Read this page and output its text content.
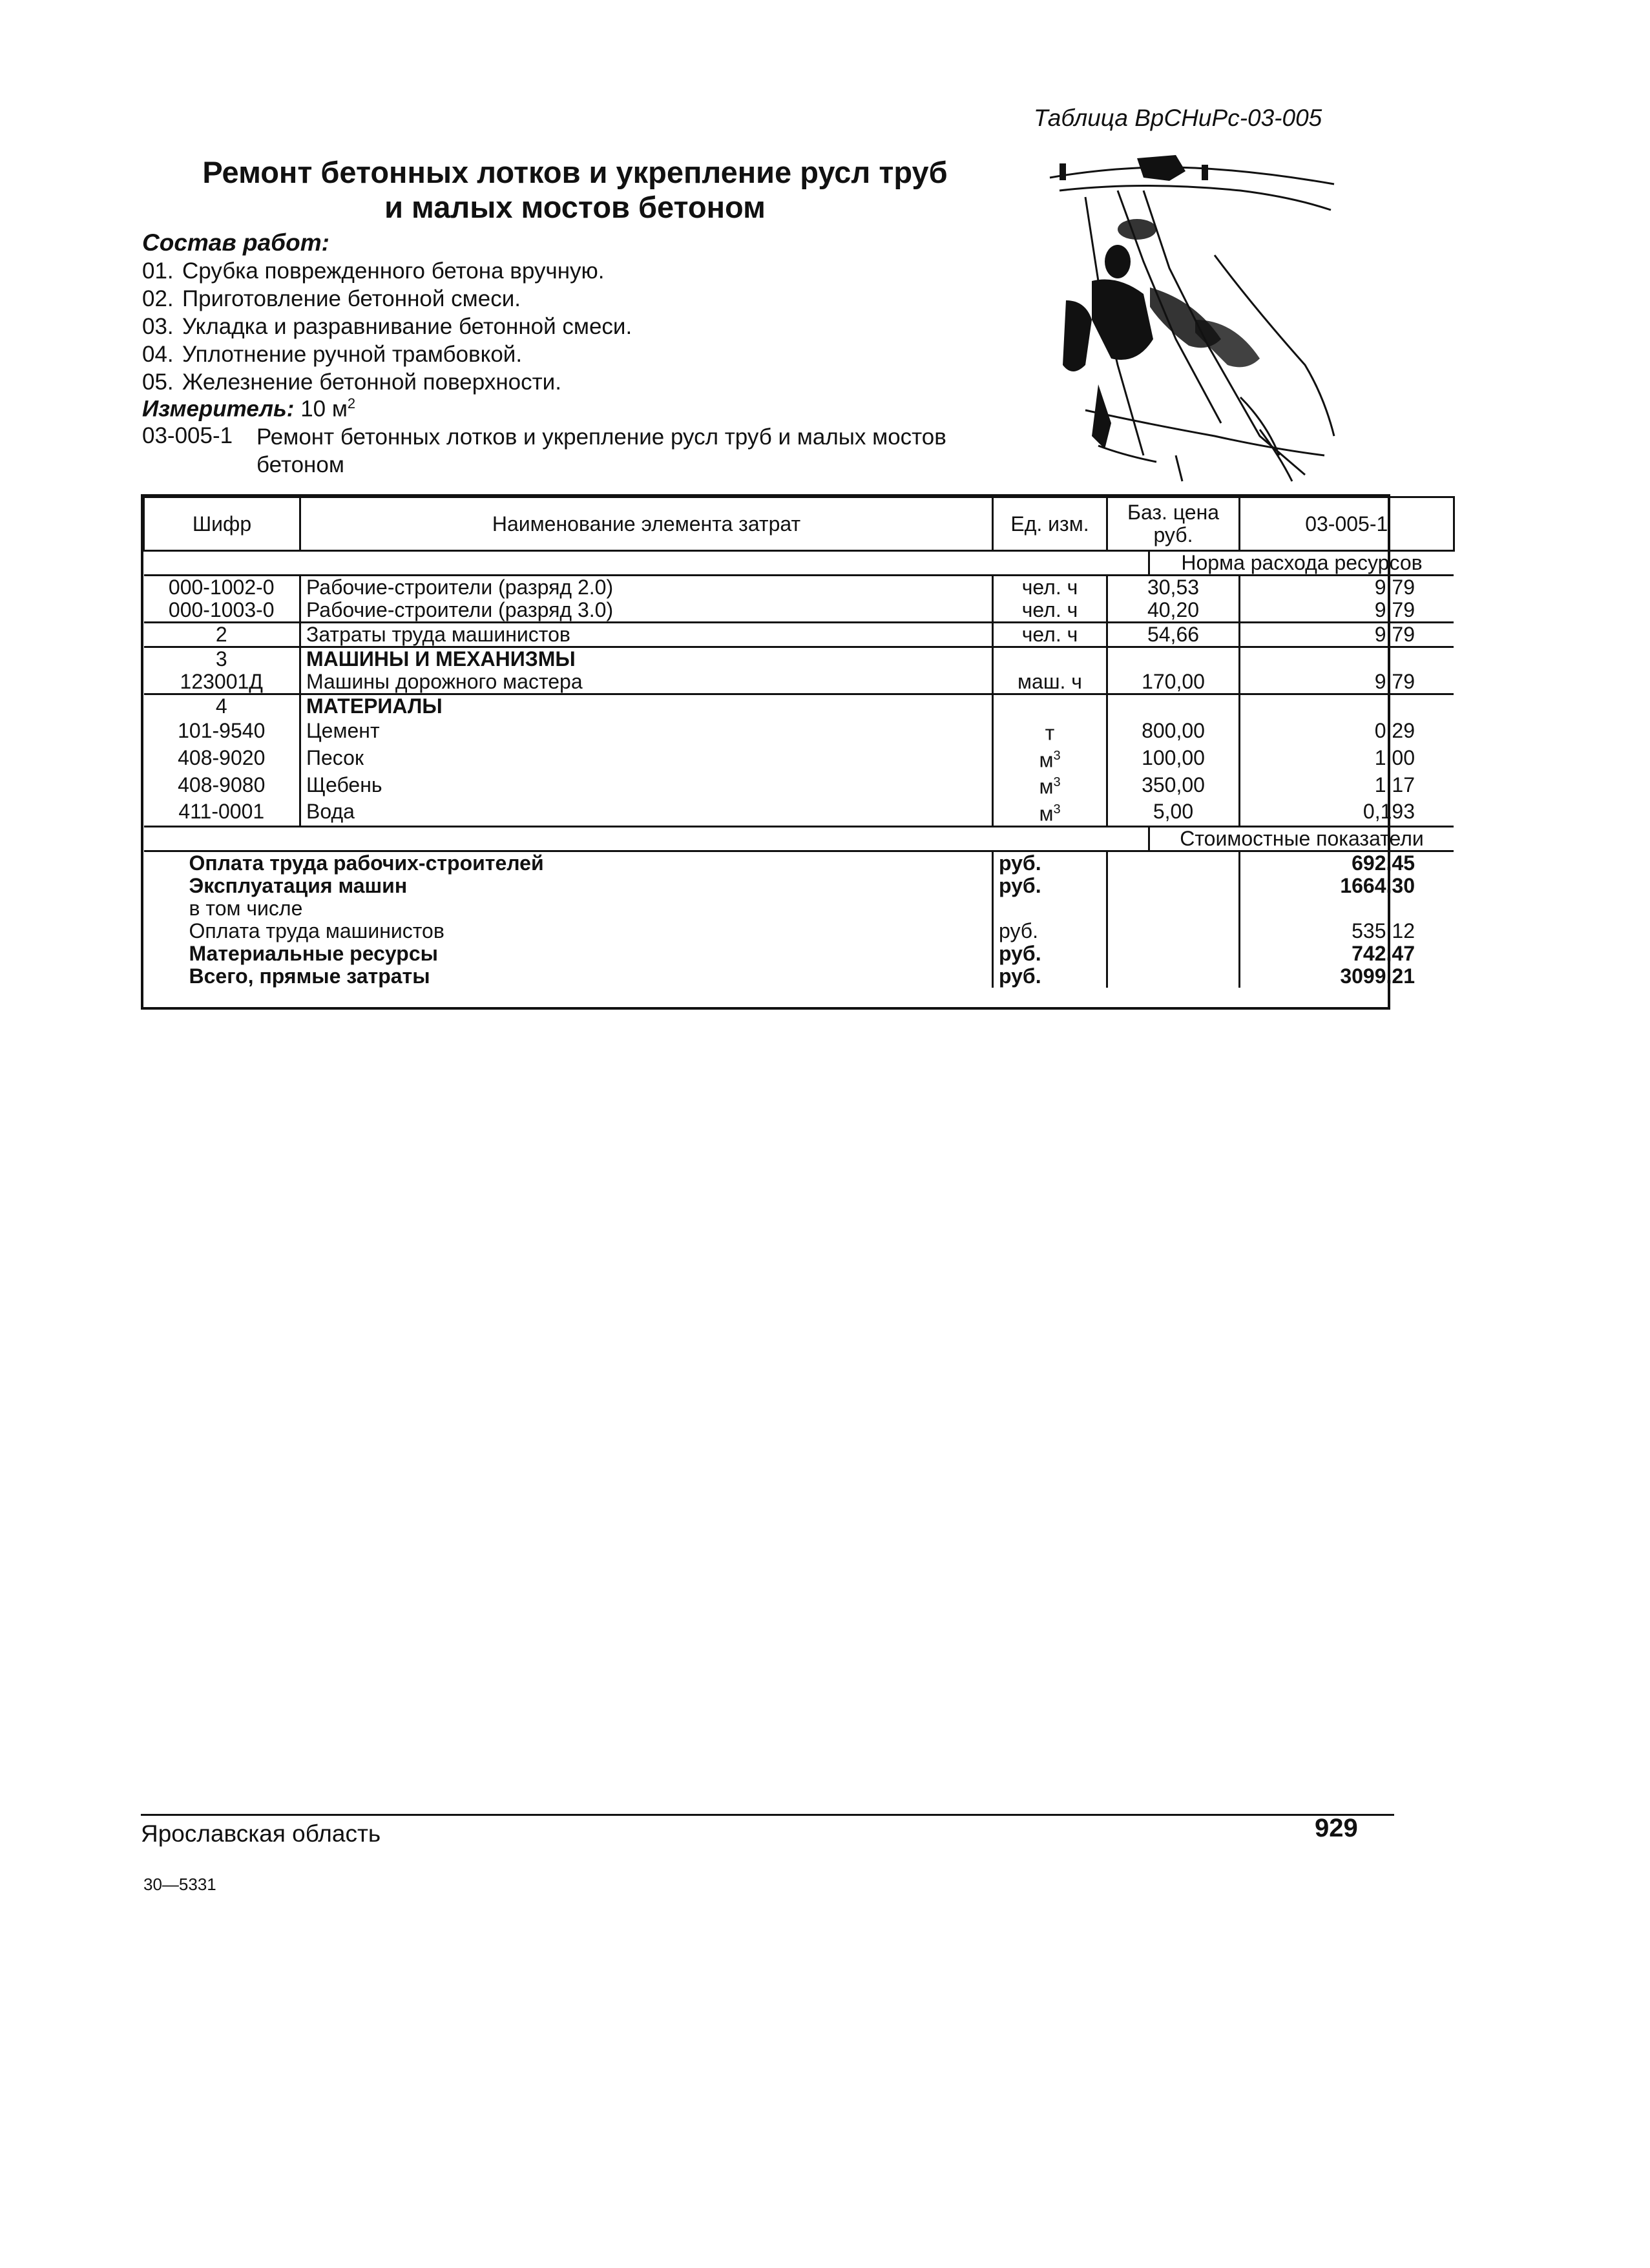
Таблица ВрСНиРс-03-005
Ремонт бетонных лотков и укрепление русл труб
и малых мостов бетоном
Состав работ:
01. Срубка поврежденного бетона вручную.
02. Приготовление бетонной смеси.
03. Укладка и разравнивание бетонной смеси.
04. Уплотнение ручной трамбовкой.
05. Железнение бетонной поверхности.
Измеритель: 10 $м^2$
03-005-1 Ремонт бетонных лотков и укрепление русл труб и малых мостов бетоном
Шифр	Наименование элемента затрат	Ед. изм.	Баз. цена руб.	03-005-1
Норма расхода ресурсов				
000-1002-0	Рабочие-строители (разряд 2.0)	чел. ч	30,53	9,79
000-1003-0	Рабочие-строители (разряд 3.0)	чел. ч	40,20	9,79
2	Затраты труда машинистов	чел. ч	54,66	9,79
3	МАШИНЫ И МЕХАНИЗМЫ			
123001Д	Машины дорожного мастера	маш. ч	170,00	9,79
4	МАТЕРИАЛЫ			
101-9540	Цемент	т	800,00	0,29
408-9020	Песок	$м^3$	100,00	1,00
408-9080	Щебень	$м^3$	350,00	1,17
411-0001	Вода	$м^3$	5,00	0,193
Стоимостные показатели				
Оплата труда рабочих-строителей		руб.		692,45
Эксплуатация машин		руб.		1664,30
в том числе				
Оплата труда машинистов		руб.		535,12
Материальные ресурсы		руб.		742,47
Всего, прямые затраты		руб.		3099,21
Ярославская область	929
30—5331
